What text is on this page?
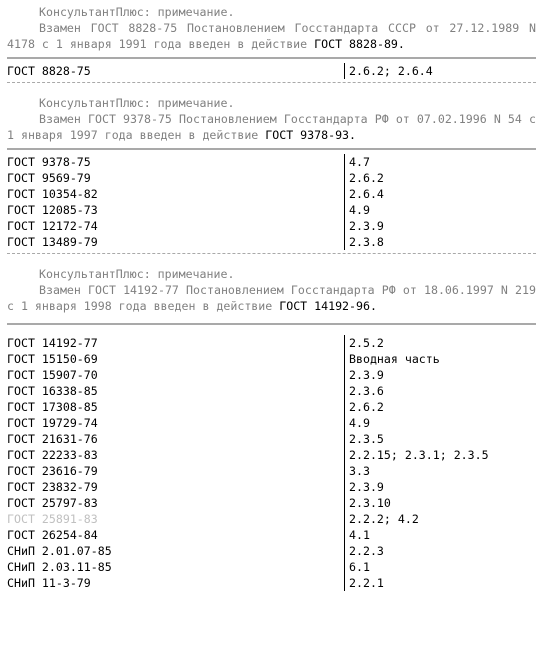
КонсультантПлюс: примечание.
Взамен ГОСТ 8828-75 Постановлением Госстандарта СССР от 27.12.1989 N 4178 с 1 января 1991 года введен в действие ГОСТ 8828-89.
ГОСТ 8828-75	2.6.2; 2.6.4
КонсультантПлюс: примечание.
Взамен ГОСТ 9378-75 Постановлением Госстандарта РФ от 07.02.1996 N 54 с 1 января 1997 года введен в действие ГОСТ 9378-93.
ГОСТ 9378-75	4.7
ГОСТ 9569-79	2.6.2
ГОСТ 10354-82	2.6.4
ГОСТ 12085-73	4.9
ГОСТ 12172-74	2.3.9
ГОСТ 13489-79	2.3.8
КонсультантПлюс: примечание.
Взамен ГОСТ 14192-77 Постановлением Госстандарта РФ от 18.06.1997 N 219 с 1 января 1998 года введен в действие ГОСТ 14192-96.
ГОСТ 14192-77	2.5.2
ГОСТ 15150-69	Вводная часть
ГОСТ 15907-70	2.3.9
ГОСТ 16338-85	2.3.6
ГОСТ 17308-85	2.6.2
ГОСТ 19729-74	4.9
ГОСТ 21631-76	2.3.5
ГОСТ 22233-83	2.2.15; 2.3.1; 2.3.5
ГОСТ 23616-79	3.3
ГОСТ 23832-79	2.3.9
ГОСТ 25797-83	2.3.10
ГОСТ 25891-83	2.2.2; 4.2
ГОСТ 26254-84	4.1
СНиП 2.01.07-85	2.2.3
СНиП 2.03.11-85	6.1
СНиП 11-3-79	2.2.1
